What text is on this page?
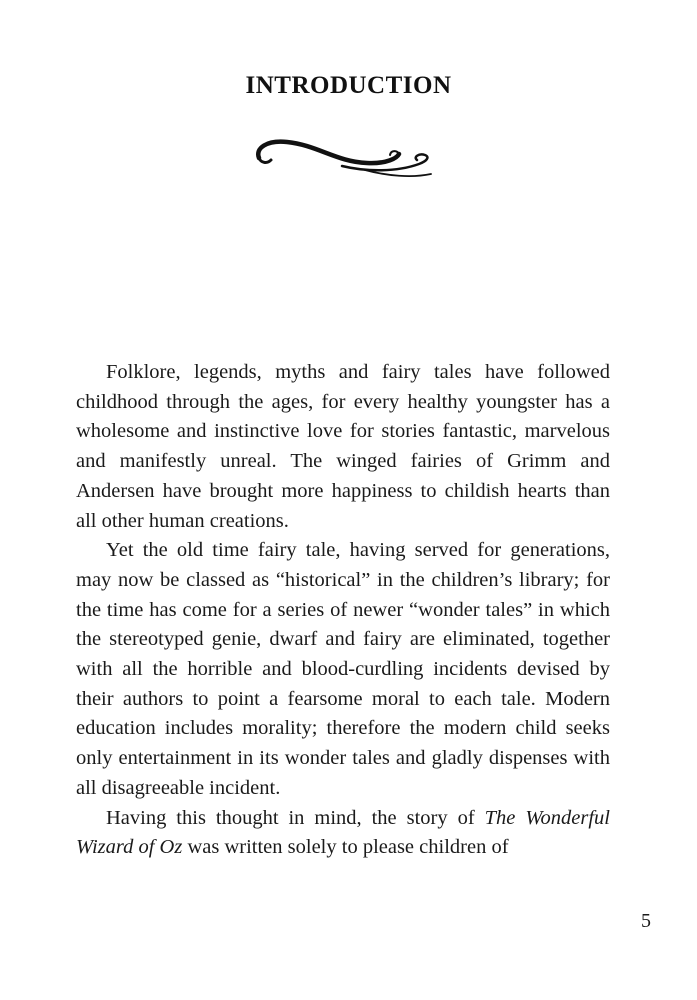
INTRODUCTION

Folklore, legends, myths and fairy tales have followed childhood through the ages, for every healthy youngster has a wholesome and instinctive love for stories fantastic, marvelous and manifestly unreal. The winged fairies of Grimm and Andersen have brought more happiness to childish hearts than all other human creations.

Yet the old time fairy tale, having served for generations, may now be classed as “historical” in the children’s library; for the time has come for a series of newer “wonder tales” in which the stereotyped genie, dwarf and fairy are eliminated, together with all the horrible and blood-curdling incidents devised by their authors to point a fearsome moral to each tale. Modern education includes morality; therefore the modern child seeks only entertainment in its wonder tales and gladly dispenses with all disagreeable incident.

Having this thought in mind, the story of The Wonderful Wizard of Oz was written solely to please children of

5
